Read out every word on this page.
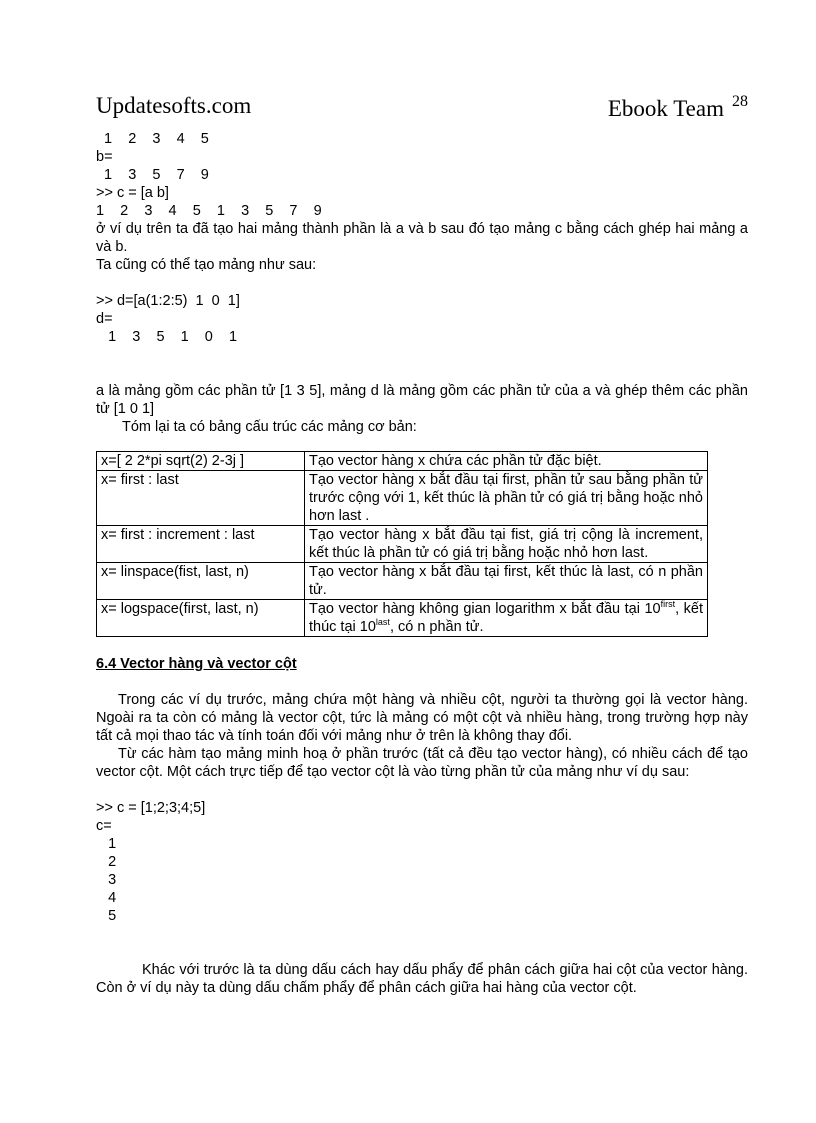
Updatesofts.com	Ebook Team $^{28}$
1    2    3    4    5
b=
1    3    5    7    9
>> c = [a b]
1    2    3    4    5    1    3    5    7    9
ở ví dụ trên ta đã tạo hai mảng thành phần là a và b sau đó tạo mảng c bằng cách ghép hai mảng a và b.
Ta cũng có thể tạo mảng như sau:
>> d=[a(1:2:5)  1  0  1]
d=
1    3    5    1    0    1
a là mảng gồm các phần tử [1 3 5], mảng d là mảng gồm các phần tử của a và ghép thêm các phần tử [1 0 1]
Tóm lại ta có bảng cấu trúc các mảng cơ bản:
x=[ 2 2*pi sqrt(2) 2-3j ]	Tạo vector hàng x chứa các phần tử đặc biệt.
x= first : last	Tạo vector hàng x bắt đầu tại first, phần tử sau bằng phần tử trước cộng với 1, kết thúc là phần tử có giá trị bằng hoặc nhỏ hơn last .
x= first : increment : last	Tạo vector hàng x bắt đầu tại fist, giá trị cộng là increment, kết thúc là phần tử có giá trị bằng hoặc nhỏ hơn last.
x= linspace(fist, last, n)	Tạo vector hàng x bắt đầu tại first, kết thúc là last, có n phần tử.
x= logspace(first, last, n)	Tạo vector hàng không gian logarithm x bắt đầu tại $10^{first}$, kết thúc tại $10^{last}$, có n phần tử.
6.4 Vector hàng và vector cột
Trong các ví dụ trước, mảng chứa một hàng và nhiều cột, người ta thường gọi là vector hàng. Ngoài ra ta còn có mảng là vector cột, tức là mảng có một cột và nhiều hàng, trong trường hợp này tất cả mọi thao tác và tính toán đối với mảng như ở trên là không thay đổi.
Từ các hàm tạo mảng minh hoạ ở phần trước (tất cả đều tạo vector hàng), có nhiều cách để tạo vector cột. Một cách trực tiếp để tạo vector cột là vào từng phần tử của mảng như ví dụ sau:
>> c = [1;2;3;4;5]
c=
1
2
3
4
5
Khác với trước là ta dùng dấu cách hay dấu phẩy để phân cách giữa hai cột của vector hàng. Còn ở ví dụ này ta dùng dấu chấm phẩy để phân cách giữa hai hàng của vector cột.
